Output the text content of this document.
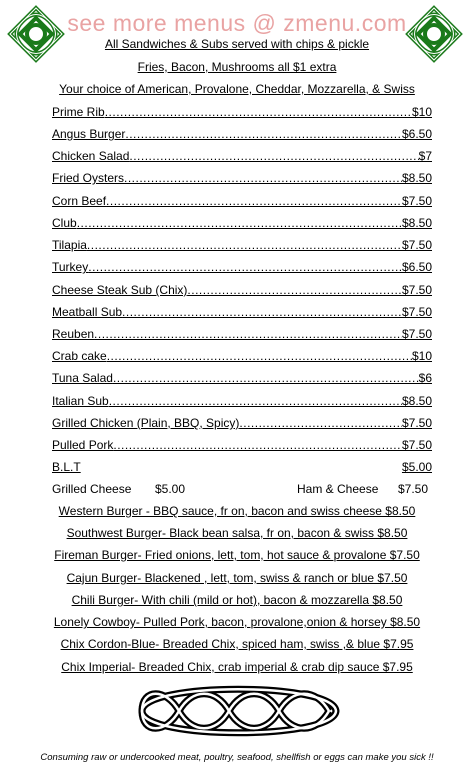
see more menus @ zmenu.com
All Sandwiches & Subs served with chips & pickle
Fries, Bacon, Mushrooms all $1 extra
Your choice of American, Provalone, Cheddar, Mozzarella, & Swiss
Prime Rib .....	$10
Angus Burger .....	$6.50
Chicken Salad .....	$7
Fried Oysters .....	$8.50
Corn Beef .....	$7.50
Club .....	$8.50
Tilapia .....	$7.50
Turkey .....	$6.50
Cheese Steak Sub (Chix) .....	$7.50
Meatball Sub .....	$7.50
Reuben .....	$7.50
Crab cake .....	$10
Tuna Salad .....	$6
Italian Sub .....	$8.50
Grilled Chicken (Plain, BBQ, Spicy) .....	$7.50
Pulled Pork .....	$7.50
B.L.T	$5.00
Grilled Cheese $5.00	Ham & Cheese $7.50
Western Burger - BBQ sauce, fr on, bacon and swiss cheese $8.50
Southwest Burger- Black bean salsa, fr on, bacon & swiss $8.50
Fireman Burger- Fried onions, lett, tom, hot sauce & provalone $7.50
Cajun Burger- Blackened , lett, tom, swiss & ranch or blue $7.50
Chili Burger- With chili (mild or hot), bacon & mozzarella $8.50
Lonely Cowboy- Pulled Pork, bacon, provalone,onion & horsey $8.50
Chix Cordon-Blue- Breaded Chix, spiced ham, swiss ,& blue $7.95
Chix Imperial- Breaded Chix, crab imperial & crab dip sauce $7.95
Consuming raw or undercooked meat, poultry, seafood, shellfish or eggs can make you sick !!
